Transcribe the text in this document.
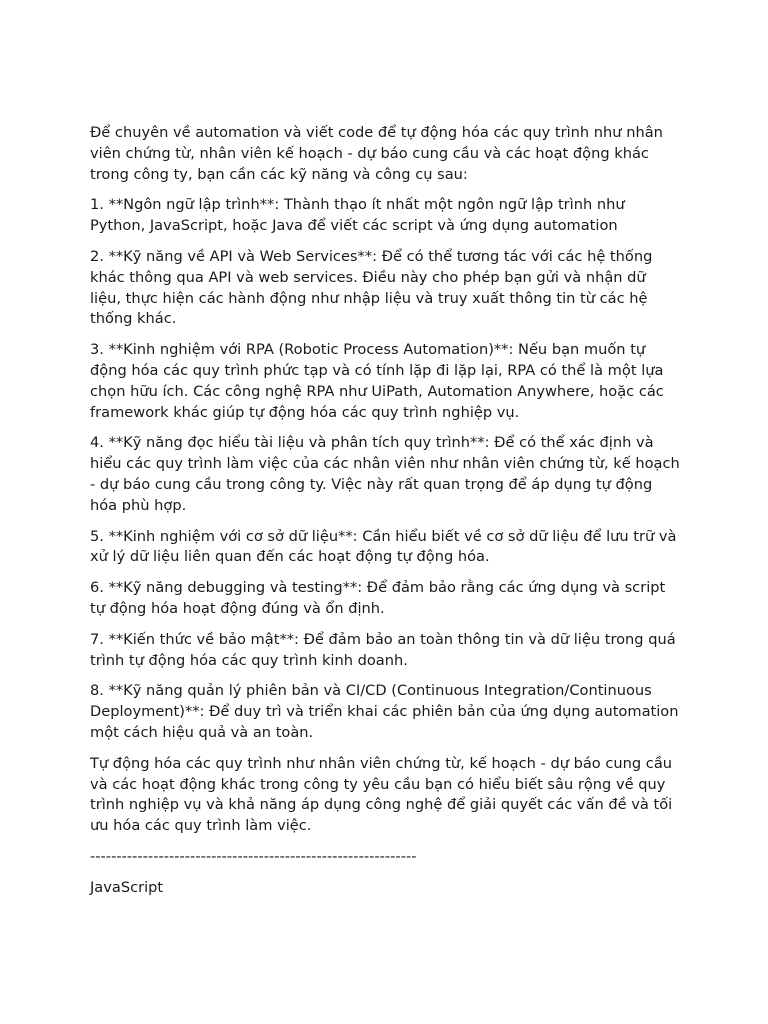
Để chuyên về automation và viết code để tự động hóa các quy trình như nhân viên chứng từ, nhân viên kế hoạch - dự báo cung cầu và các hoạt động khác trong công ty, bạn cần các kỹ năng và công cụ sau:

1. **Ngôn ngữ lập trình**: Thành thạo ít nhất một ngôn ngữ lập trình như Python, JavaScript, hoặc Java để viết các script và ứng dụng automation

2. **Kỹ năng về API và Web Services**: Để có thể tương tác với các hệ thống khác thông qua API và web services. Điều này cho phép bạn gửi và nhận dữ liệu, thực hiện các hành động như nhập liệu và truy xuất thông tin từ các hệ thống khác.

3. **Kinh nghiệm với RPA (Robotic Process Automation)**: Nếu bạn muốn tự động hóa các quy trình phức tạp và có tính lặp đi lặp lại, RPA có thể là một lựa chọn hữu ích. Các công nghệ RPA như UiPath, Automation Anywhere, hoặc các framework khác giúp tự động hóa các quy trình nghiệp vụ.

4. **Kỹ năng đọc hiểu tài liệu và phân tích quy trình**: Để có thể xác định và hiểu các quy trình làm việc của các nhân viên như nhân viên chứng từ, kế hoạch - dự báo cung cầu trong công ty. Việc này rất quan trọng để áp dụng tự động hóa phù hợp.

5. **Kinh nghiệm với cơ sở dữ liệu**: Cần hiểu biết về cơ sở dữ liệu để lưu trữ và xử lý dữ liệu liên quan đến các hoạt động tự động hóa.

6. **Kỹ năng debugging và testing**: Để đảm bảo rằng các ứng dụng và script tự động hóa hoạt động đúng và ổn định.

7. **Kiến thức về bảo mật**: Để đảm bảo an toàn thông tin và dữ liệu trong quá trình tự động hóa các quy trình kinh doanh.

8. **Kỹ năng quản lý phiên bản và CI/CD (Continuous Integration/Continuous Deployment)**: Để duy trì và triển khai các phiên bản của ứng dụng automation một cách hiệu quả và an toàn.

Tự động hóa các quy trình như nhân viên chứng từ, kế hoạch - dự báo cung cầu và các hoạt động khác trong công ty yêu cầu bạn có hiểu biết sâu rộng về quy trình nghiệp vụ và khả năng áp dụng công nghệ để giải quyết các vấn đề và tối ưu hóa các quy trình làm việc.

--------------------------------------------------------------

JavaScript
